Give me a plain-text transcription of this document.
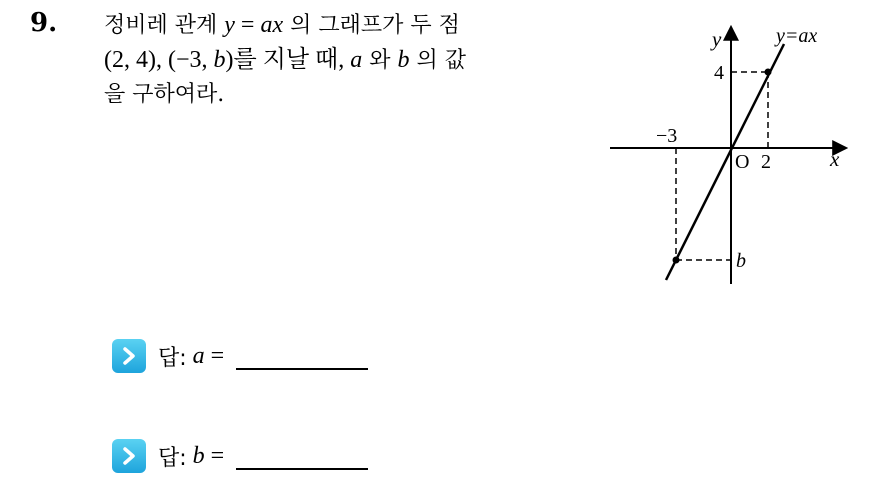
9. 정비레 관계 y = ax 의 그래프가 두 점
(2, 4), (−3, b)를 지날 때, a 와 b 의 값
을 구하여라.
y
x
y=ax
O
4
2
−3
b
답: a =
답: b =
